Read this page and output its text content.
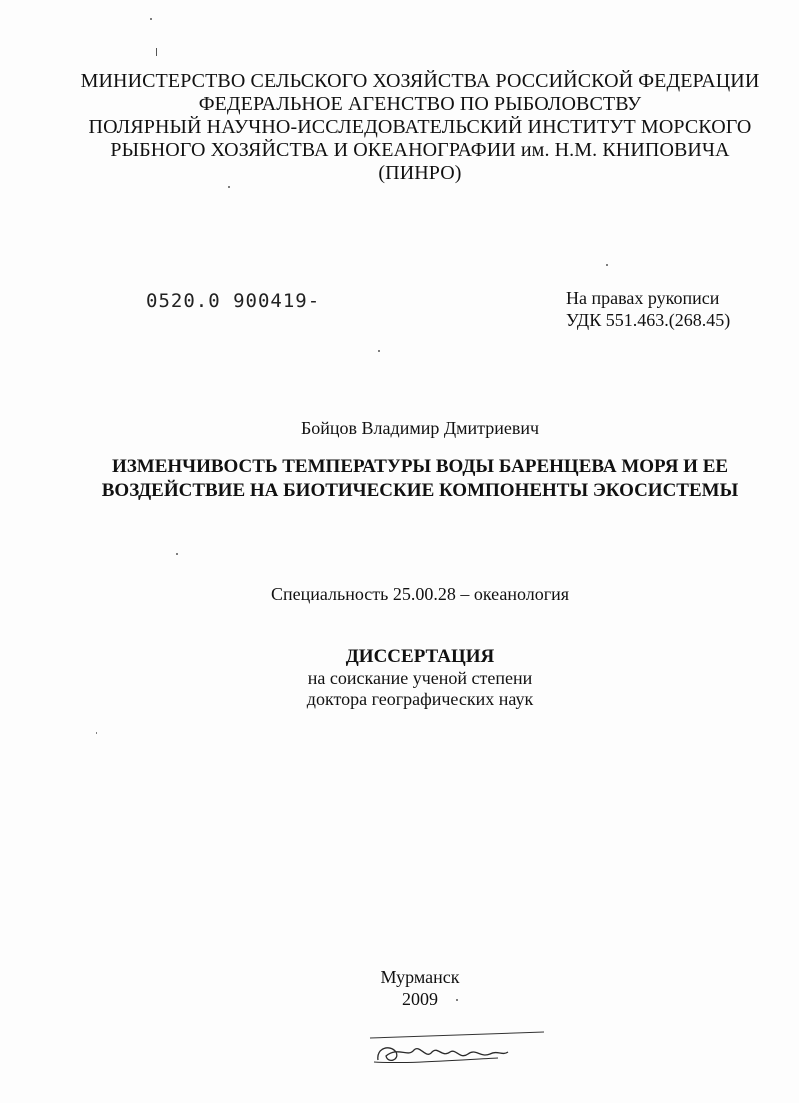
МИНИСТЕРСТВО СЕЛЬСКОГО ХОЗЯЙСТВА РОССИЙСКОЙ ФЕДЕРАЦИИ
ФЕДЕРАЛЬНОЕ АГЕНСТВО ПО РЫБОЛОВСТВУ
ПОЛЯРНЫЙ НАУЧНО-ИССЛЕДОВАТЕЛЬСКИЙ ИНСТИТУТ МОРСКОГО
РЫБНОГО ХОЗЯЙСТВА И ОКЕАНОГРАФИИ им. Н.М. КНИПОВИЧА
(ПИНРО)
0520.0 900419-	На правах рукописи
УДК 551.463.(268.45)
Бойцов Владимир Дмитриевич
ИЗМЕНЧИВОСТЬ ТЕМПЕРАТУРЫ ВОДЫ БАРЕНЦЕВА МОРЯ И ЕЕ
ВОЗДЕЙСТВИЕ НА БИОТИЧЕСКИЕ КОМПОНЕНТЫ ЭКОСИСТЕМЫ
Специальность 25.00.28 – океанология
ДИССЕРТАЦИЯ
на соискание ученой степени
доктора географических наук
Мурманск
2009
